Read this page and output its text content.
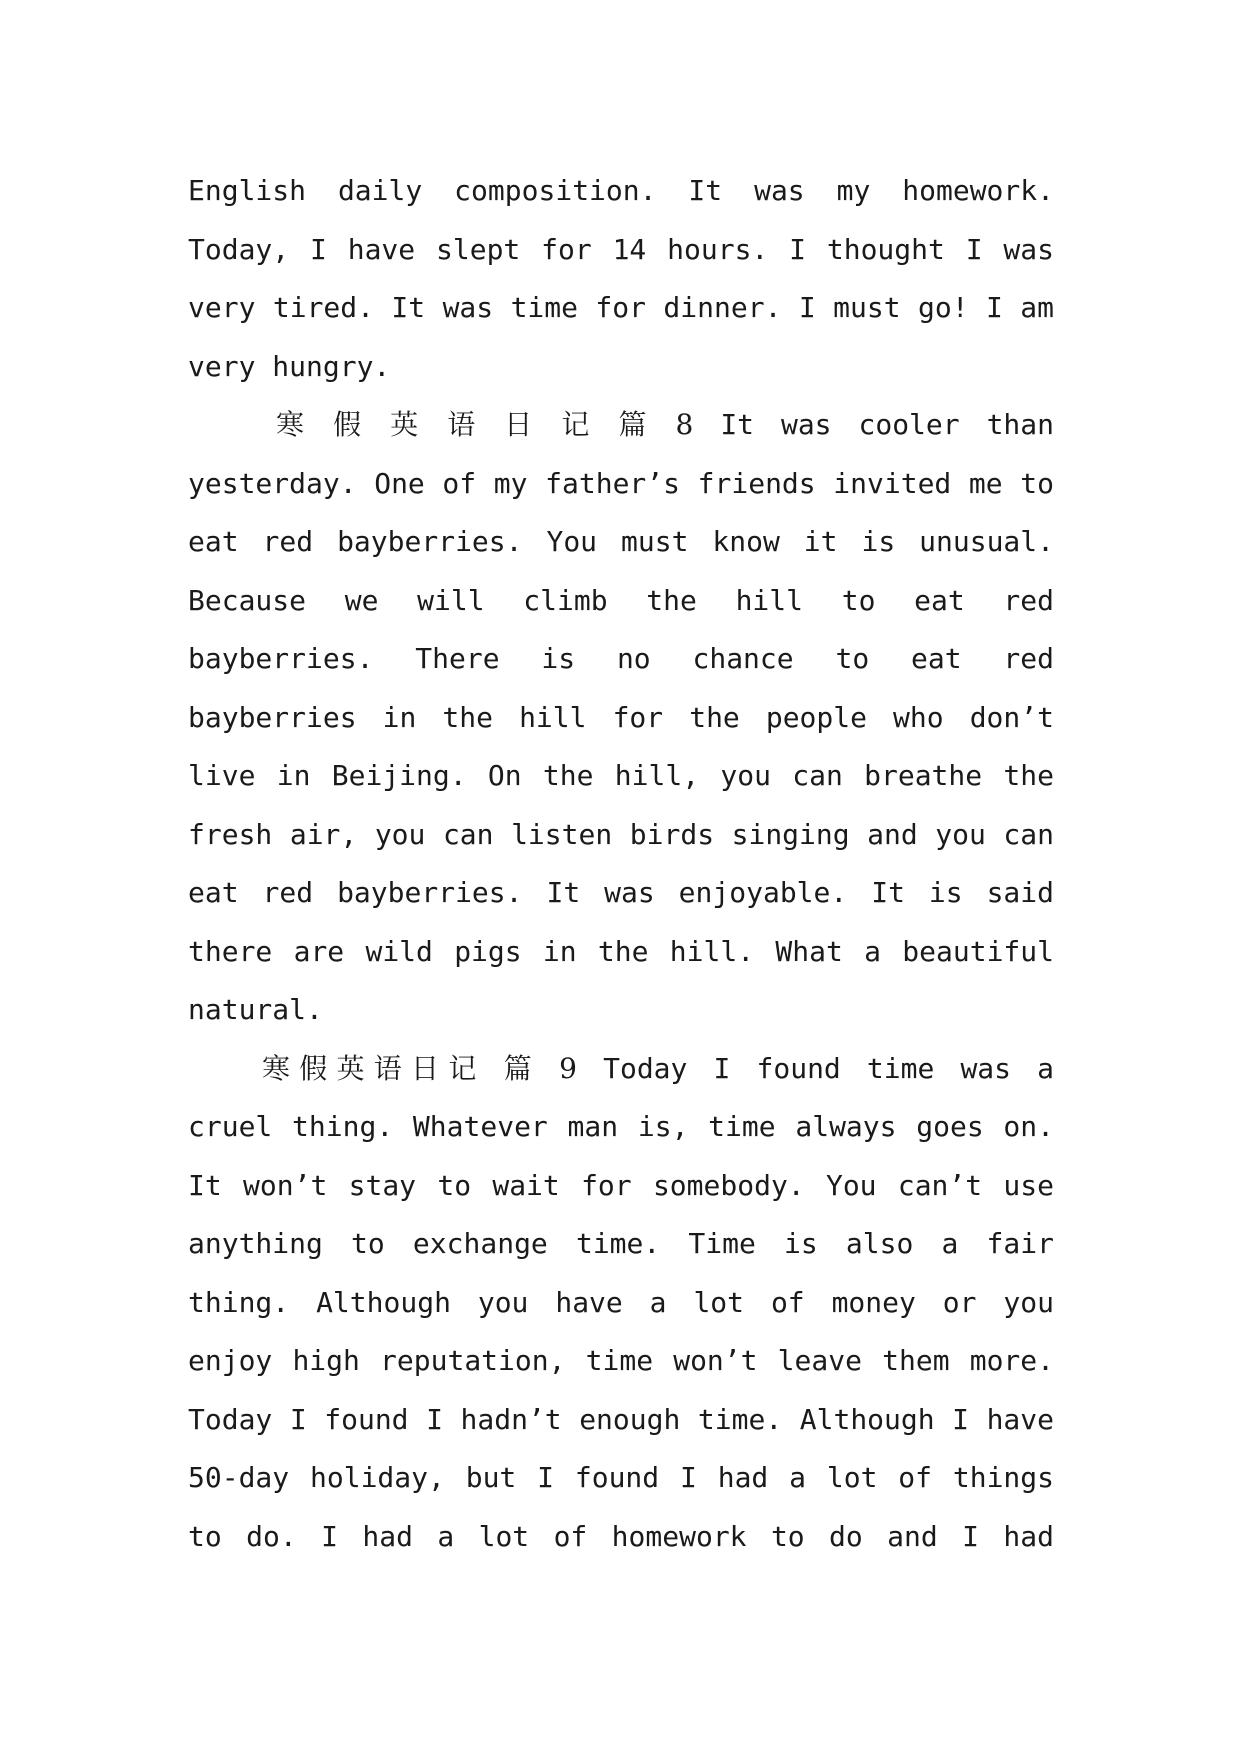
English daily composition. It was my homework.
Today, I have slept for 14 hours. I thought I was
very tired. It was time for dinner. I must go! I am
very hungry.
寒 假 英 语 日 记 篇 8 It was cooler than
yesterday. One of my father’s friends invited me to
eat red bayberries. You must know it is unusual.
Because we will climb the hill to eat red
bayberries. There is no chance to eat red
bayberries in the hill for the people who don’t
live in Beijing. On the hill, you can breathe the
fresh air, you can listen birds singing and you can
eat red bayberries. It was enjoyable. It is said
there are wild pigs in the hill. What a beautiful
natural.
寒假英语日记 篇 9 Today I found time was a
cruel thing. Whatever man is, time always goes on.
It won’t stay to wait for somebody. You can’t use
anything to exchange time. Time is also a fair
thing. Although you have a lot of money or you
enjoy high reputation, time won’t leave them more.
Today I found I hadn’t enough time. Although I have
50-day holiday, but I found I had a lot of things
to do. I had a lot of homework to do and I had
